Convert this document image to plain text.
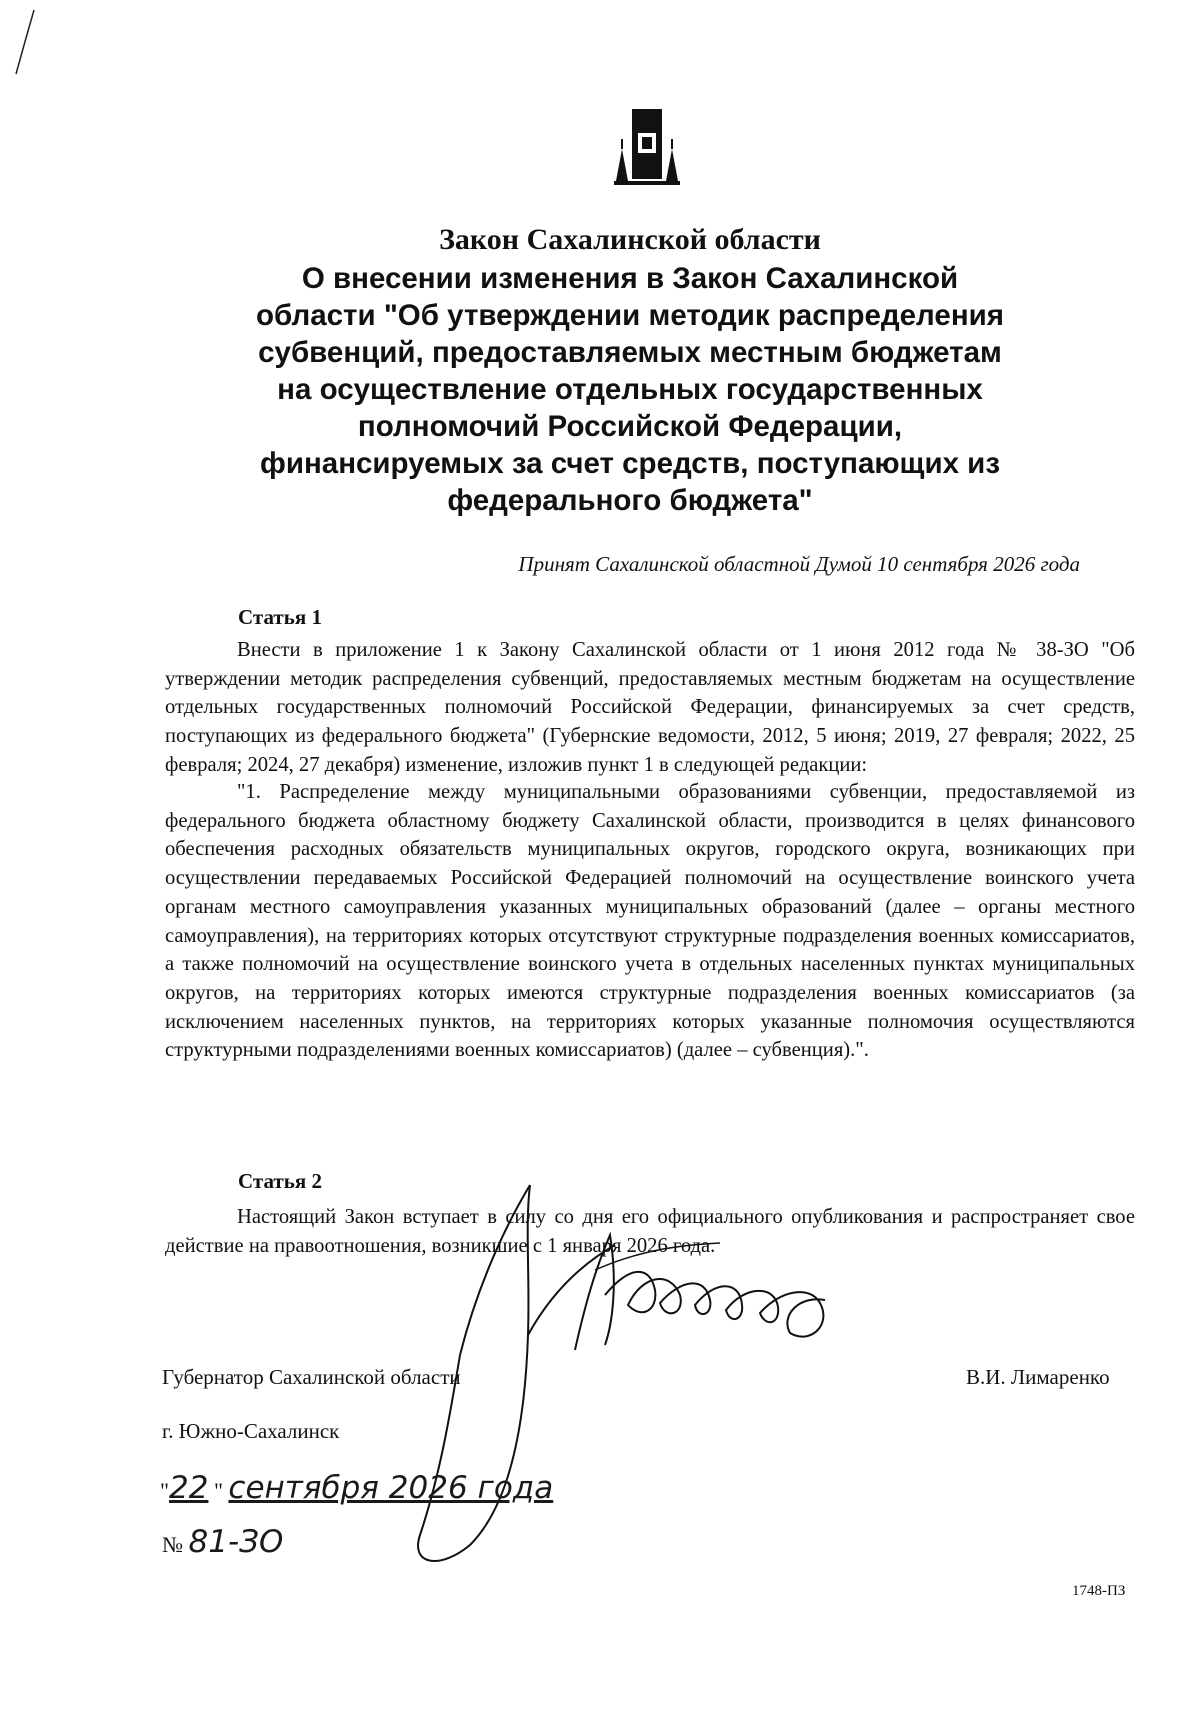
Закон Сахалинской области
О внесении изменения в Закон Сахалинской
области "Об утверждении методик распределения
субвенций, предоставляемых местным бюджетам
на осуществление отдельных государственных
полномочий Российской Федерации,
финансируемых за счет средств, поступающих из
федерального бюджета"
Принят Сахалинской областной Думой 10 сентября 2026 года
Статья 1

Внести в приложение 1 к Закону Сахалинской области от 1 июня 2012 года № 38-ЗО "Об утверждении методик распределения субвенций, предоставляемых местным бюджетам на осуществление отдельных государственных полномочий Российской Федерации, финансируемых за счет средств, поступающих из федерального бюджета" (Губернские ведомости, 2012, 5 июня; 2019, 27 февраля; 2022, 25 февраля; 2024, 27 декабря) изменение, изложив пункт 1 в следующей редакции:

"1. Распределение между муниципальными образованиями субвенции, предоставляемой из федерального бюджета областному бюджету Сахалинской области, производится в целях финансового обеспечения расходных обязательств муниципальных округов, городского округа, возникающих при осуществлении передаваемых Российской Федерацией полномочий на осуществление воинского учета органам местного самоуправления указанных муниципальных образований (далее – органы местного самоуправления), на территориях которых отсутствуют структурные подразделения военных комиссариатов, а также полномочий на осуществление воинского учета в отдельных населенных пунктах муниципальных округов, на территориях которых имеются структурные подразделения военных комиссариатов (за исключением населенных пунктов, на территориях которых указанные полномочия осуществляются структурными подразделениями военных комиссариатов) (далее – субвенция).".

Статья 2

Настоящий Закон вступает в силу со дня его официального опубликования и распространяет свое действие на правоотношения, возникшие с 1 января 2026 года.

Губернатор Сахалинской области	В.И. Лимаренко
г. Южно-Сахалинск
"22 " сентября 2026 года
№ 81-ЗО
1748-ПЗ
